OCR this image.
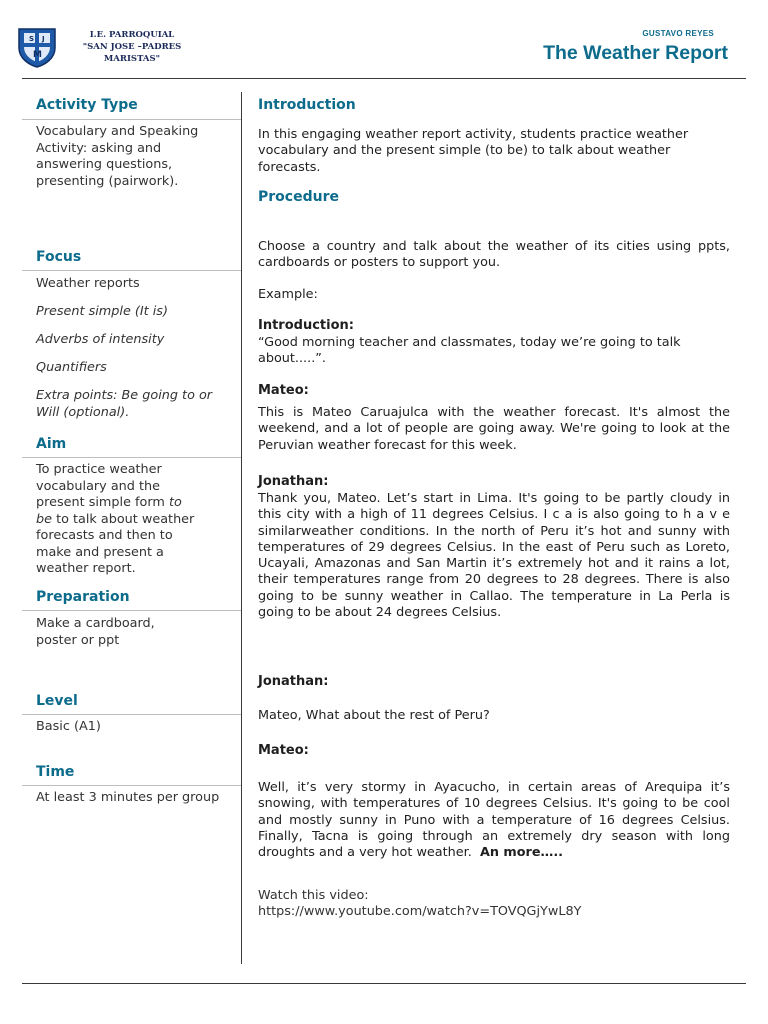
S J
M
I.E. PARROQUIAL
"SAN JOSE –PADRES MARISTAS"
GUSTAVO REYES
The Weather Report
Activity Type
Vocabulary and Speaking Activity: asking and answering questions, presenting (pairwork).
Focus
Weather reports
Present simple (It is)
Adverbs of intensity
Quantifiers
Extra points: Be going to or Will (optional).
Aim
To practice weather vocabulary and the present simple form to be to talk about weather forecasts and then to make and present a weather report.
Preparation
Make a cardboard, poster or ppt
Level
Basic (A1)
Time
At least 3 minutes per group
Introduction
In this engaging weather report activity, students practice weather vocabulary and the present simple (to be) to talk about weather forecasts.
Procedure
Choose a country and talk about the weather of its cities using ppts, cardboards or posters to support you.
Example:
Introduction:
“Good morning teacher and classmates, today we’re going to talk about.....”.
Mateo:
This is Mateo Caruajulca with the weather forecast. It's almost the weekend, and a lot of people are going away. We're going to look at the Peruvian weather forecast for this week.
Jonathan:
Thank you, Mateo. Let’s start in Lima. It's going to be partly cloudy in this city with a high of 11 degrees Celsius. I c a is also going to h a v e similarweather conditions. In the north of Peru it’s hot and sunny with temperatures of 29 degrees Celsius. In the east of Peru such as Loreto, Ucayali, Amazonas and San Martin it’s extremely hot and it rains a lot, their temperatures range from 20 degrees to 28 degrees. There is also going to be sunny weather in Callao. The temperature in La Perla is going to be about 24 degrees Celsius.
Jonathan:
Mateo, What about the rest of Peru?
Mateo:
Well, it’s very stormy in Ayacucho, in certain areas of Arequipa it’s snowing, with temperatures of 10 degrees Celsius. It's going to be cool and mostly sunny in Puno with a temperature of 16 degrees Celsius. Finally, Tacna is going through an extremely dry season with long droughts and a very hot weather. An more…..
Watch this video:
https://www.youtube.com/watch?v=TOVQGjYwL8Y
